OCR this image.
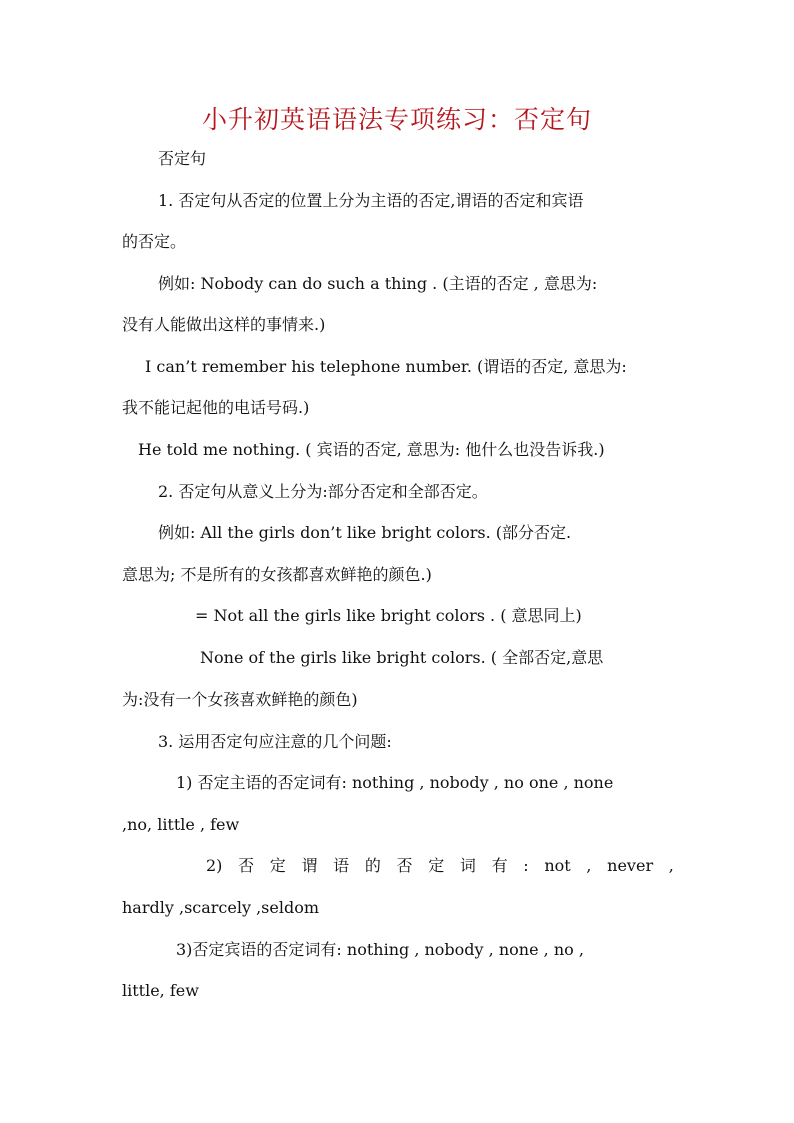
小升初英语语法专项练习：否定句
否定句
1. 否定句从否定的位置上分为主语的否定,谓语的否定和宾语
的否定。
例如: Nobody can do such a thing . (主语的否定 , 意思为:
没有人能做出这样的事情来.)
I can’t remember his telephone number. (谓语的否定, 意思为:
我不能记起他的电话号码.)
He told me nothing. ( 宾语的否定, 意思为: 他什么也没告诉我.)
2. 否定句从意义上分为:部分否定和全部否定。
例如: All the girls don’t like bright colors. (部分否定.
意思为; 不是所有的女孩都喜欢鲜艳的颜色.)
= Not all the girls like bright colors . ( 意思同上)
None of the girls like bright colors. ( 全部否定,意思
为:没有一个女孩喜欢鲜艳的颜色)
3. 运用否定句应注意的几个问题:
1) 否定主语的否定词有: nothing , nobody , no one , none
,no, little , few
2) 否 定 谓 语 的 否 定 词 有 : not , never ,
hardly ,scarcely ,seldom
3)否定宾语的否定词有: nothing , nobody , none , no ,
little, few
